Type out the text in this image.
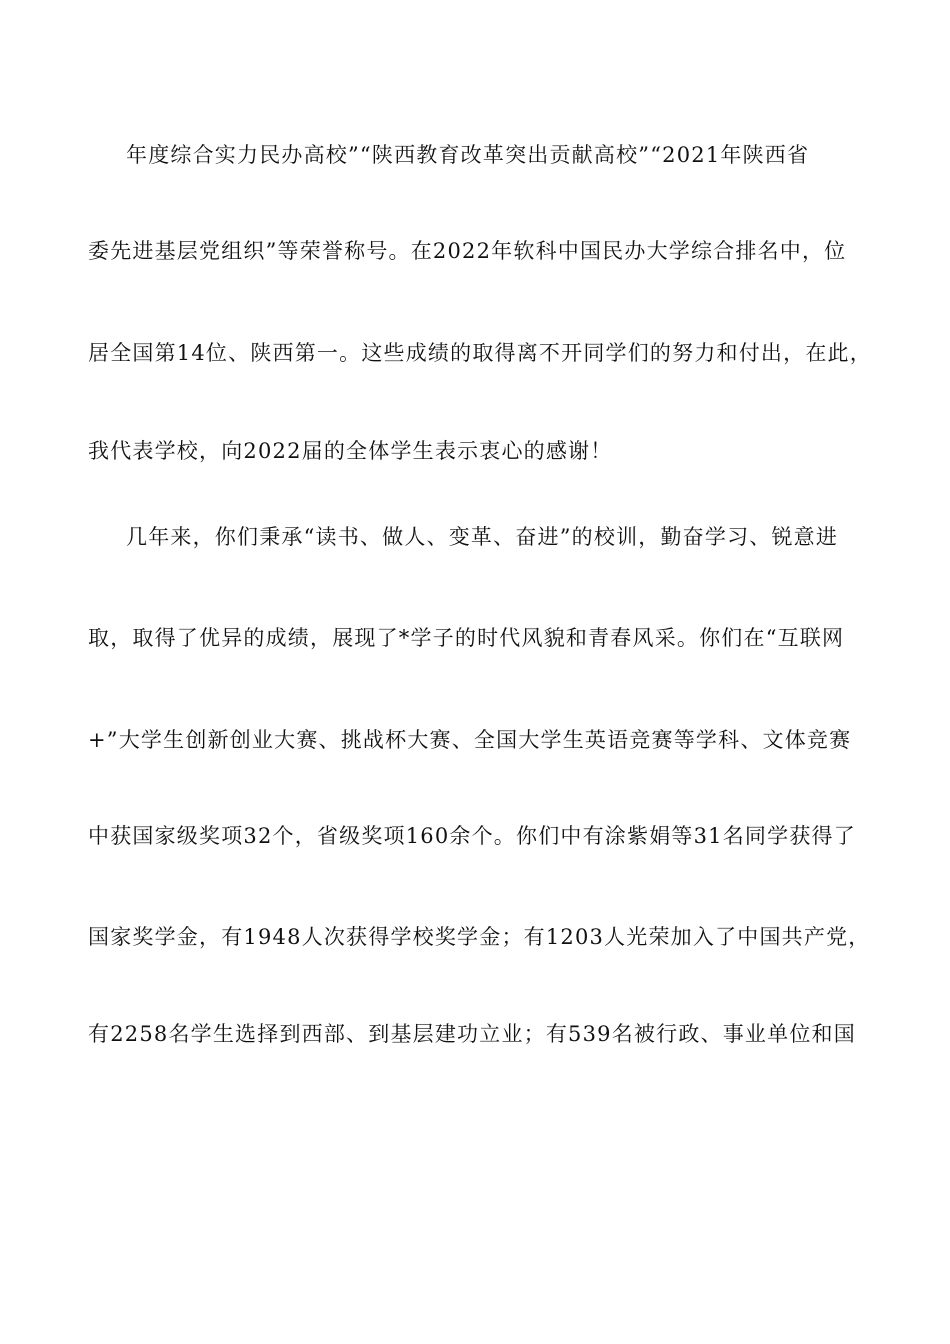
年度综合实力民办高校”“陕西教育改革突出贡献高校”“2021年陕西省
委先进基层党组织”等荣誉称号。在2022年软科中国民办大学综合排名中，位
居全国第14位、陕西第一。这些成绩的取得离不开同学们的努力和付出，在此，
我代表学校，向2022届的全体学生表示衷心的感谢！
几年来，你们秉承“读书、做人、变革、奋进”的校训，勤奋学习、锐意进
取，取得了优异的成绩，展现了*学子的时代风貌和青春风采。你们在“互联网
+”大学生创新创业大赛、挑战杯大赛、全国大学生英语竞赛等学科、文体竞赛
中获国家级奖项32个，省级奖项160余个。你们中有涂紫娟等31名同学获得了
国家奖学金，有1948人次获得学校奖学金；有1203人光荣加入了中国共产党，
有2258名学生选择到西部、到基层建功立业；有539名被行政、事业单位和国
